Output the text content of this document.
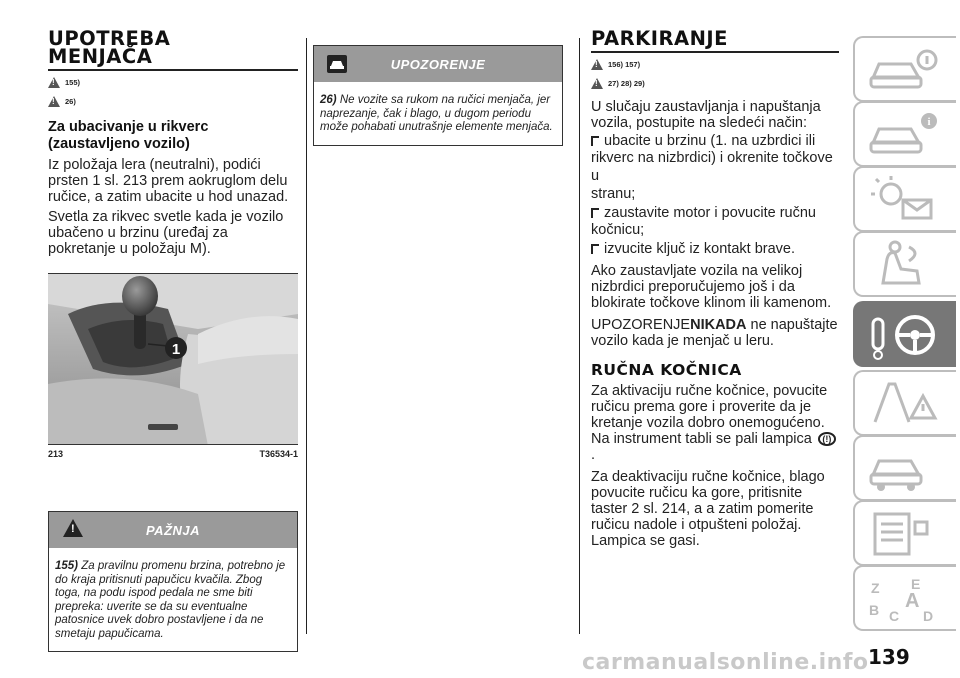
UPOTREBA
MENJAČA
!
155)
!
26)
Za ubacivanje u rikverc
(zaustavljeno vozilo)
Iz položaja lera (neutralni), podići prsten 1 sl. 213 prem aokruglom delu ručice, a zatim ubacite u hod unazad.
Svetla za rikvec svetle kada je vozilo ubačeno u brzinu (uređaj za pokretanje u položaju M).
1
213	T36534-1
!
PAŽNJA
155) Za pravilnu promenu brzina, potrebno je do kraja pritisnuti papučicu kvačila. Zbog toga, na podu ispod pedala ne sme biti prepreka: uverite se da su eventualne patosnice uvek dobro postavljene i da ne smetaju papučicama.
UPOZORENJE
26) Ne vozite sa rukom na ručici menjača, jer naprezanje, čak i blago, u dugom periodu može pohabati unutrašnje elemente menjača.
PARKIRANJE
!
156) 157)
!
27) 28) 29)
U slučaju zaustavljanja i napuštanja vozila, postupite na sledeći način:
ubacite u brzinu (1. na uzbrdici ili
rikverc na nizbrdici) i okrenite točkove u
stranu;
zaustavite motor i povucite ručnu
kočnicu;
izvucite ključ iz kontakt brave.
Ako zaustavljate vozila na velikoj nizbrdici preporučujemo još i da blokirate točkove klinom ili kamenom.
UPOZORENJENIKADA ne napuštajte vozilo kada je menjač u leru.
RUČNA KOČNICA
Za aktivaciju ručne kočnice, povucite ručicu prema gore i proverite da je kretanje vozila dobro onemogućeno. Na instrument tabli se pali lampica (!).
Za deaktivaciju ručne kočnice, blago povucite ručicu ka gore, pritisnite taster 2 sl. 214, a a zatim pomerite ručicu nadole i otpušteni položaj. Lampica se gasi.
i
Z E
B C
A
D
139
carmanualsonline.info
